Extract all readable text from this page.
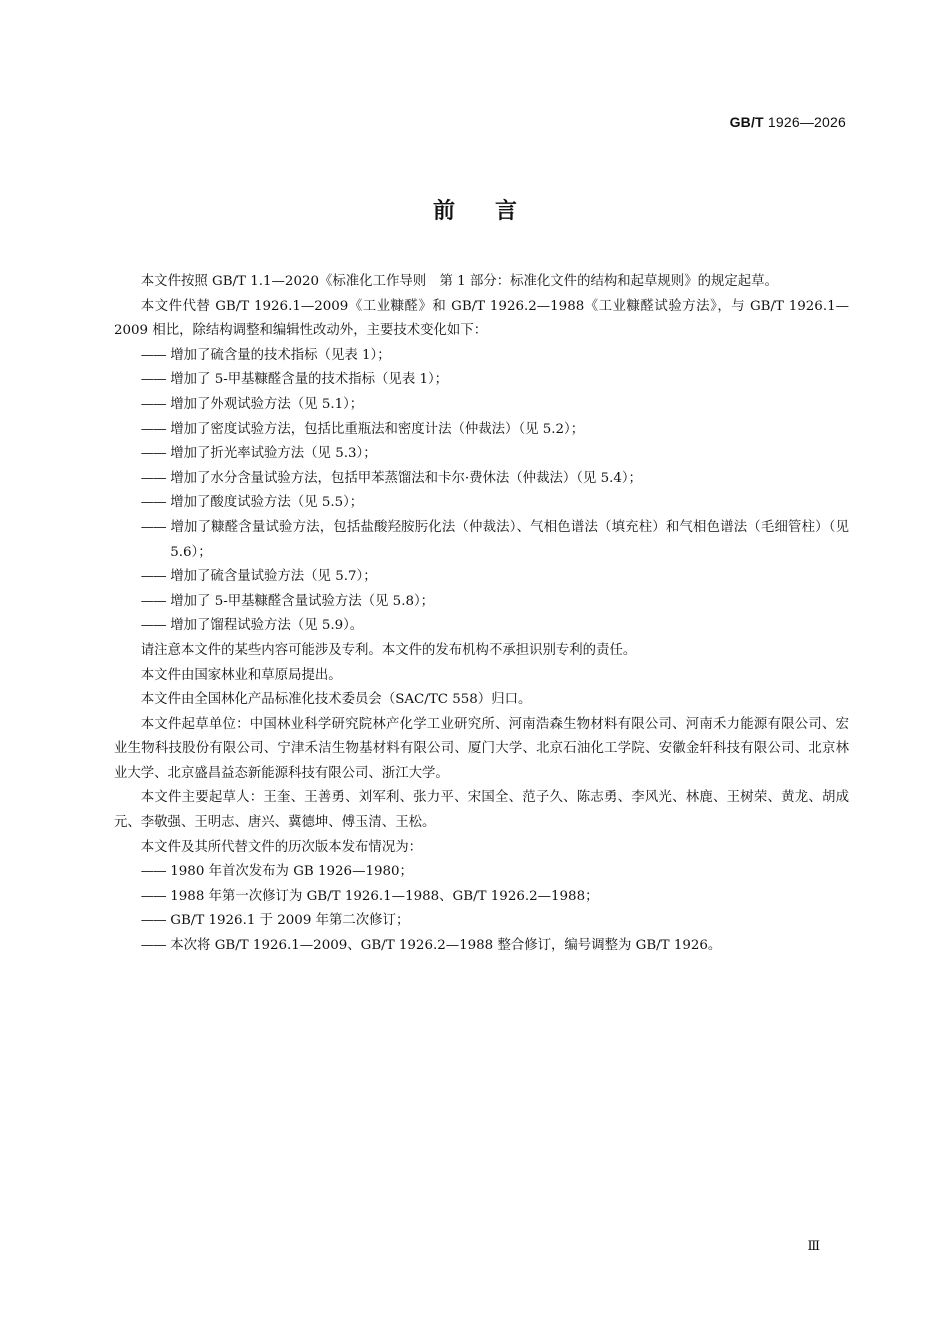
GB/T 1926—2026
前言

本文件按照 GB/T 1.1—2020《标准化工作导则　第 1 部分：标准化文件的结构和起草规则》的规定起草。

本文件代替 GB/T 1926.1—2009《工业糠醛》和 GB/T 1926.2—1988《工业糠醛试验方法》，与 GB/T 1926.1—2009 相比，除结构调整和编辑性改动外，主要技术变化如下：

—— 增加了硫含量的技术指标（见表 1）；
—— 增加了 5-甲基糠醛含量的技术指标（见表 1）；
—— 增加了外观试验方法（见 5.1）；
—— 增加了密度试验方法，包括比重瓶法和密度计法（仲裁法）（见 5.2）；
—— 增加了折光率试验方法（见 5.3）；
—— 增加了水分含量试验方法，包括甲苯蒸馏法和卡尔·费休法（仲裁法）（见 5.4）；
—— 增加了酸度试验方法（见 5.5）；
—— 增加了糠醛含量试验方法，包括盐酸羟胺肟化法（仲裁法）、气相色谱法（填充柱）和气相色谱法（毛细管柱）（见 5.6）；
—— 增加了硫含量试验方法（见 5.7）；
—— 增加了 5-甲基糠醛含量试验方法（见 5.8）；
—— 增加了馏程试验方法（见 5.9）。

请注意本文件的某些内容可能涉及专利。本文件的发布机构不承担识别专利的责任。

本文件由国家林业和草原局提出。

本文件由全国林化产品标准化技术委员会（SAC/TC 558）归口。

本文件起草单位：中国林业科学研究院林产化学工业研究所、河南浩森生物材料有限公司、河南禾力能源有限公司、宏业生物科技股份有限公司、宁津禾洁生物基材料有限公司、厦门大学、北京石油化工学院、安徽金轩科技有限公司、北京林业大学、北京盛昌益态新能源科技有限公司、浙江大学。

本文件主要起草人：王奎、王善勇、刘军利、张力平、宋国全、范子久、陈志勇、李风光、林鹿、王树荣、黄龙、胡成元、李敬强、王明志、唐兴、冀德坤、傅玉清、王松。

本文件及其所代替文件的历次版本发布情况为：

—— 1980 年首次发布为 GB 1926—1980；
—— 1988 年第一次修订为 GB/T 1926.1—1988、GB/T 1926.2—1988；
—— GB/T 1926.1 于 2009 年第二次修订；
—— 本次将 GB/T 1926.1—2009、GB/T 1926.2—1988 整合修订，编号调整为 GB/T 1926。
Ⅲ
